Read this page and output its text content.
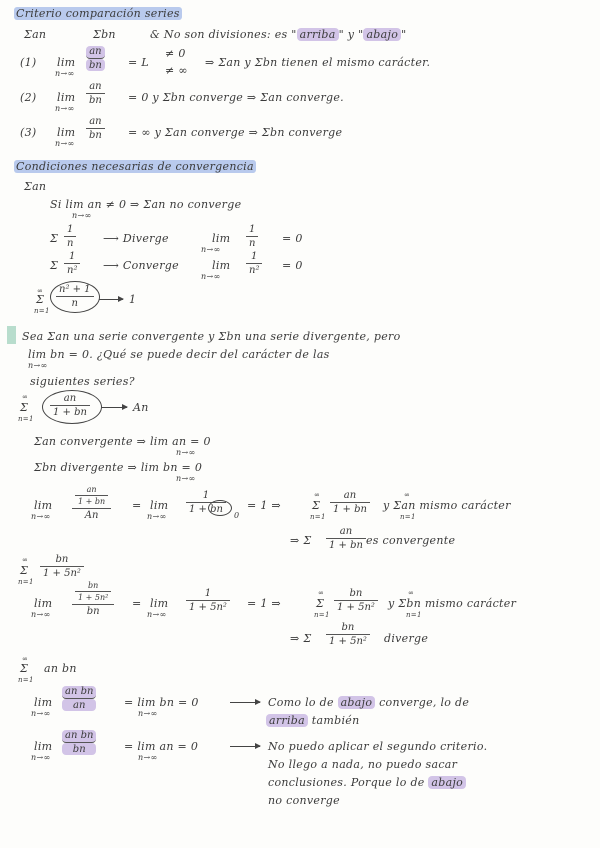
Criterio comparación series
Σan	Σbn	& No son divisiones: es " arriba " y " abajo "
(1) lim
n→∞
$\frac{an}{bn} = L$
≠ 0
≠ ∞
⇒ Σan y Σbn tienen el mismo carácter.
(2) lim
n→∞
$\frac{an}{bn} = 0$ y Σbn converge ⇒ Σan converge.
(3) lim
n→∞
$\frac{an}{bn}$ = ∞ y Σan converge ⇒ Σbn converge
Condiciones necesarias de convergencia
Σan
Si lim an ≠ 0 ⇒ Σan no converge
n→∞
Σ $\frac{1}{n}$ ⟶ Diverge	lim
n→∞
$\frac{1}{n} = 0$
Σ $\frac{1}{\text{n²}}$ ⟶ Converge	lim
n→∞
$\frac{1}{\text{n²}} = 0$
∞
Σ
n=1
$\frac{\text{n² + 1}}{n}$	1
Sea Σan una serie convergente y Σbn una serie divergente, pero
lim bn = 0. ¿Qué se puede decir del carácter de las
n→∞
siguientes series?
∞
Σ
n=1
$\frac{an}{1 + bn}$	An
Σan convergente ⇒ lim an = 0
n→∞
Σbn divergente ⇒ lim bn = 0
n→∞
lim
n→∞	$\frac{\frac{an}{1 + bn}}{An} = \lim$
n→∞
$\frac{1}{1 + bn}$
0
= 1 ⇒
∞
Σ
n=1
$\frac{an}{1 + bn}$	∞
n=1
y Σan mismo carácter
⇒ Σ $\frac{an}{1 + bn}$ es convergente
∞
Σ
n=1
$\frac{bn}{\text{1 + 5n²}}$
lim
n→∞	$\frac{\frac{bn}{\text{1 + 5n²}}}{bn} = \lim$
n→∞
$\frac{1}{\text{1 + 5n²}} = 1$ ⇒
∞
Σ
n=1
$\frac{bn}{\text{1 + 5n²}}$	∞
n=1
y Σbn mismo carácter
⇒ Σ $\frac{bn}{\text{1 + 5n²}}$ diverge
∞
Σ
n=1
an bn
lim
n→∞
$\frac{\text{an bn}}{an}$	= lim bn = 0
n→∞
Como lo de abajo converge, lo de
arriba también
lim
n→∞
$\frac{\text{an bn}}{bn}$	= lim an = 0
n→∞
No puedo aplicar el segundo criterio.
No llego a nada, no puedo sacar
conclusiones. Porque lo de abajo
no converge
